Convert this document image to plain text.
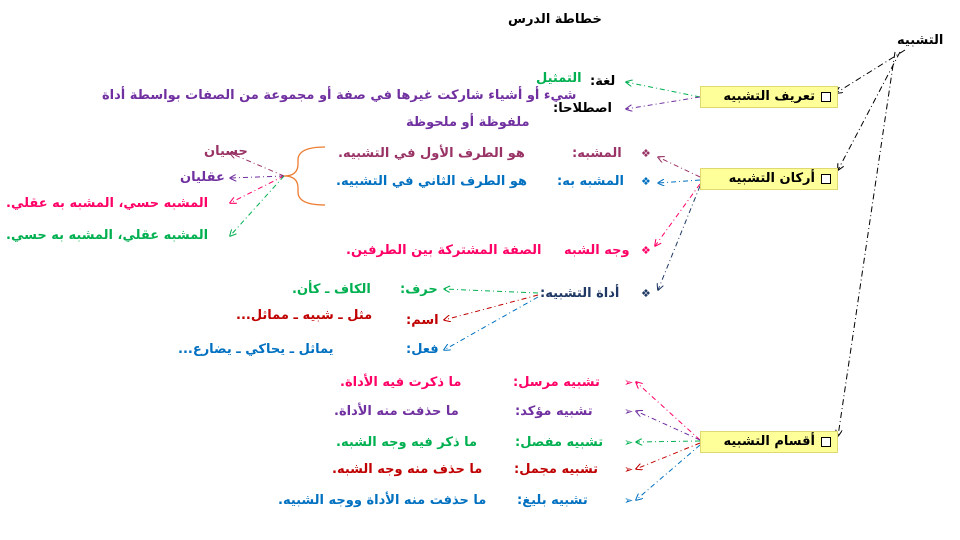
خطاطة الدرس
التشبيه
تعريف التشبيه
لغة:
التمثيل
اصطلاحا:
شيء أو أشياء شاركت غيرها في صفة أو مجموعة من الصفات بواسطة أداة
ملفوظة أو ملحوظة
أركان التشبيه
❖
المشبه:
هو الطرف الأول في التشبيه.
❖
المشبه به:
هو الطرف الثاني في التشبيه.
حسيان
عقليان
المشبه حسي، المشبه به عقلي.
المشبه عقلي، المشبه به حسي.
❖
وجه الشبه
الصفة المشتركة بين الطرفين.
❖
أداة التشبيه:
حرف:
الكاف ـ كأن.
اسم:
مثل ـ شبيه ـ مماثل...
فعل:
يماثل ـ يحاكي ـ يضارع...
أقسام التشبيه
➢
تشبيه مرسل:
ما ذكرت فيه الأداة.
➢
تشبيه مؤكد:
ما حذفت منه الأداة.
➢
تشبيه مفصل:
ما ذكر فيه وجه الشبه.
➢
تشبيه مجمل:
ما حذف منه وجه الشبه.
➢
تشبيه بليغ:
ما حذفت منه الأداة ووجه الشبيه.
